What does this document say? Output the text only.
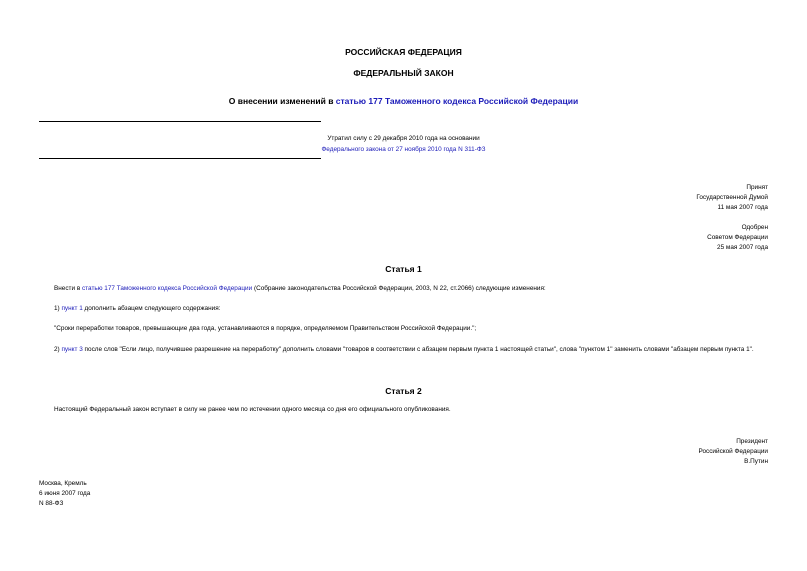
РОССИЙСКАЯ ФЕДЕРАЦИЯ
ФЕДЕРАЛЬНЫЙ ЗАКОН
О внесении изменений в статью 177 Таможенного кодекса Российской Федерации
Утратил силу с 29 декабря 2010 года на основании
Федерального закона от 27 ноября 2010 года N 311-ФЗ
Принят
Государственной Думой
11 мая 2007 года
Одобрен
Советом Федерации
25 мая 2007 года
Статья 1
Внести в статью 177 Таможенного кодекса Российской Федерации (Собрание законодательства Российской Федерации, 2003, N 22, ст.2066) следующие изменения:
1) пункт 1 дополнить абзацем следующего содержания:
"Сроки переработки товаров, превышающие два года, устанавливаются в порядке, определяемом Правительством Российской Федерации.";
2) пункт 3 после слов "Если лицо, получившее разрешение на переработку" дополнить словами "товаров в соответствии с абзацем первым пункта 1 настоящей статьи", слова "пунктом 1" заменить словами "абзацем первым пункта 1".
Статья 2
Настоящий Федеральный закон вступает в силу не ранее чем по истечении одного месяца со дня его официального опубликования.
Президент
Российской Федерации
В.Путин
Москва, Кремль
6 июня 2007 года
N 88-ФЗ
